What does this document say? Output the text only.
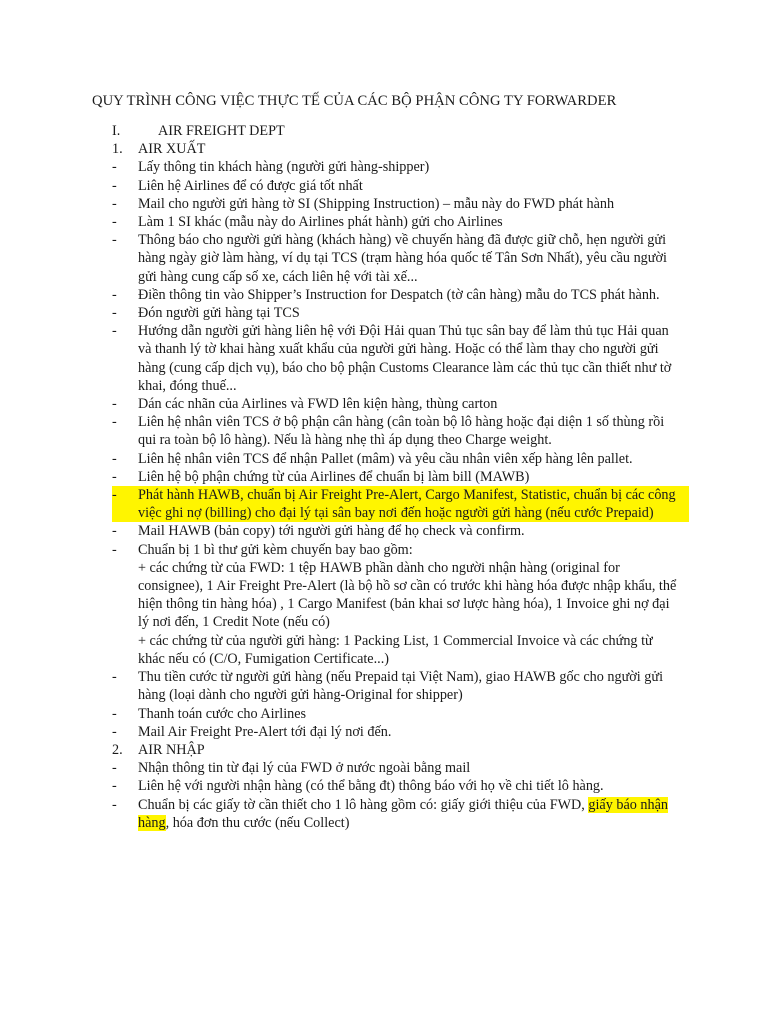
QUY TRÌNH CÔNG VIỆC THỰC TẾ CỦA CÁC BỘ PHẬN CÔNG TY FORWARDER
I.	AIR FREIGHT DEPT
1.	AIR XUẤT
-	Lấy thông tin khách hàng (người gửi hàng-shipper)
-	Liên hệ Airlines để có được giá tốt nhất
-	Mail cho người gửi hàng tờ SI (Shipping Instruction) – mẫu này do FWD phát hành
-	Làm 1 SI khác (mẫu này do Airlines phát hành) gửi cho Airlines
-	Thông báo cho người gửi hàng (khách hàng) về chuyến hàng đã được giữ chỗ, hẹn người gửi hàng ngày giờ làm hàng, ví dụ tại TCS (trạm hàng hóa quốc tế Tân Sơn Nhất), yêu cầu người gửi hàng cung cấp số xe, cách liên hệ với tài xế...
-	Điền thông tin vào Shipper’s Instruction for Despatch (tờ cân hàng) mẫu do TCS phát hành.
-	Đón người gửi hàng tại TCS
-	Hướng dẫn người gửi hàng liên hệ với Đội Hải quan Thủ tục sân bay để làm thủ tục Hải quan và thanh lý tờ khai hàng xuất khẩu của người gửi hàng. Hoặc có thể làm thay cho người gửi hàng (cung cấp dịch vụ), báo cho bộ phận Customs Clearance làm các thủ tục cần thiết như tờ khai, đóng thuế...
-	Dán các nhãn của Airlines và FWD lên kiện hàng, thùng carton
-	Liên hệ nhân viên TCS ở bộ phận cân hàng (cân toàn bộ lô hàng hoặc đại diện 1 số thùng rồi qui ra toàn bộ lô hàng). Nếu là hàng nhẹ thì áp dụng theo Charge weight.
-	Liên hệ nhân viên TCS để nhận Pallet (mâm) và yêu cầu nhân viên xếp hàng lên pallet.
-	Liên hệ bộ phận chứng từ của Airlines để chuẩn bị làm bill (MAWB)
-	Phát hành HAWB, chuẩn bị Air Freight Pre-Alert, Cargo Manifest, Statistic, chuẩn bị các công việc ghi nợ (billing) cho đại lý tại sân bay nơi đến hoặc người gửi hàng (nếu cước Prepaid)
-	Mail HAWB (bản copy) tới người gửi hàng để họ check và confirm.
-	Chuẩn bị 1 bì thư gửi kèm chuyến bay bao gồm:
+ các chứng từ của FWD: 1 tệp HAWB phần dành cho người nhận hàng (original for consignee), 1 Air Freight Pre-Alert (là bộ hồ sơ cần có trước khi hàng hóa được nhập khẩu, thể hiện thông tin hàng hóa) , 1 Cargo Manifest (bản khai sơ lược hàng hóa), 1 Invoice ghi nợ đại lý nơi đến, 1 Credit Note (nếu có)
+ các chứng từ của người gửi hàng: 1 Packing List, 1 Commercial Invoice và các chứng từ khác nếu có (C/O, Fumigation Certificate...)
-	Thu tiền cước từ người gửi hàng (nếu Prepaid tại Việt Nam), giao HAWB gốc cho người gửi hàng (loại dành cho người gửi hàng-Original for shipper)
-	Thanh toán cước cho Airlines
-	Mail Air Freight Pre-Alert tới đại lý nơi đến.
2.	AIR NHẬP
-	Nhận thông tin từ đại lý của FWD ở nước ngoài bằng mail
-	Liên hệ với người nhận hàng (có thể bằng đt) thông báo với họ về chi tiết lô hàng.
-	Chuẩn bị các giấy tờ cần thiết cho 1 lô hàng gồm có: giấy giới thiệu của FWD, giấy báo nhận hàng, hóa đơn thu cước (nếu Collect)
